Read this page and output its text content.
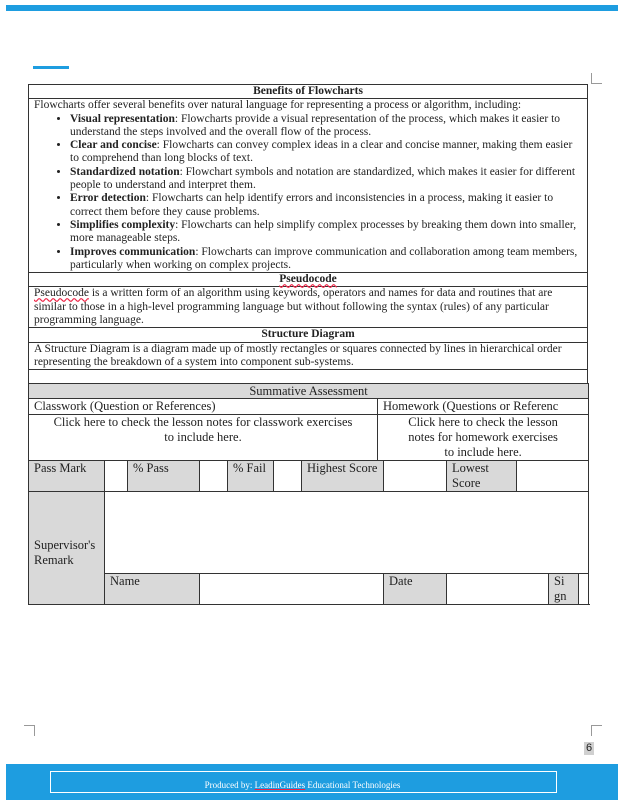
Benefits of Flowcharts

Flowcharts offer several benefits over natural language for representing a process or algorithm, including:
• Visual representation: Flowcharts provide a visual representation of the process, which makes it easier to understand the steps involved and the overall flow of the process.
• Clear and concise: Flowcharts can convey complex ideas in a clear and concise manner, making them easier to comprehend than long blocks of text.
• Standardized notation: Flowchart symbols and notation are standardized, which makes it easier for different people to understand and interpret them.
• Error detection: Flowcharts can help identify errors and inconsistencies in a process, making it easier to correct them before they cause problems.
• Simplifies complexity: Flowcharts can help simplify complex processes by breaking them down into smaller, more manageable steps.
• Improves communication: Flowcharts can improve communication and collaboration among team members, particularly when working on complex projects.

Pseudocode
Pseudocode is a written form of an algorithm using keywords, operators and names for data and routines that are similar to those in a high-level programming language but without following the syntax (rules) of any particular programming language.
Structure Diagram
A Structure Diagram is a diagram made up of mostly rectangles or squares connected by lines in hierarchical order representing the breakdown of a system into component sub-systems.

Summative Assessment												
Classwork (Question or References)							Homework (Questions or Referenc					
Click here to check the lesson notes for classwork exercises to include here.							Click here to check the lesson notes for homework exercises to include here.					
Pass Mark		% Pass		% Fail		Highest Score			Lowest Score			

Supervisor's Remark												

	Name							Date			Sign	

6
Produced by: LeadinGuides Educational Technologies
